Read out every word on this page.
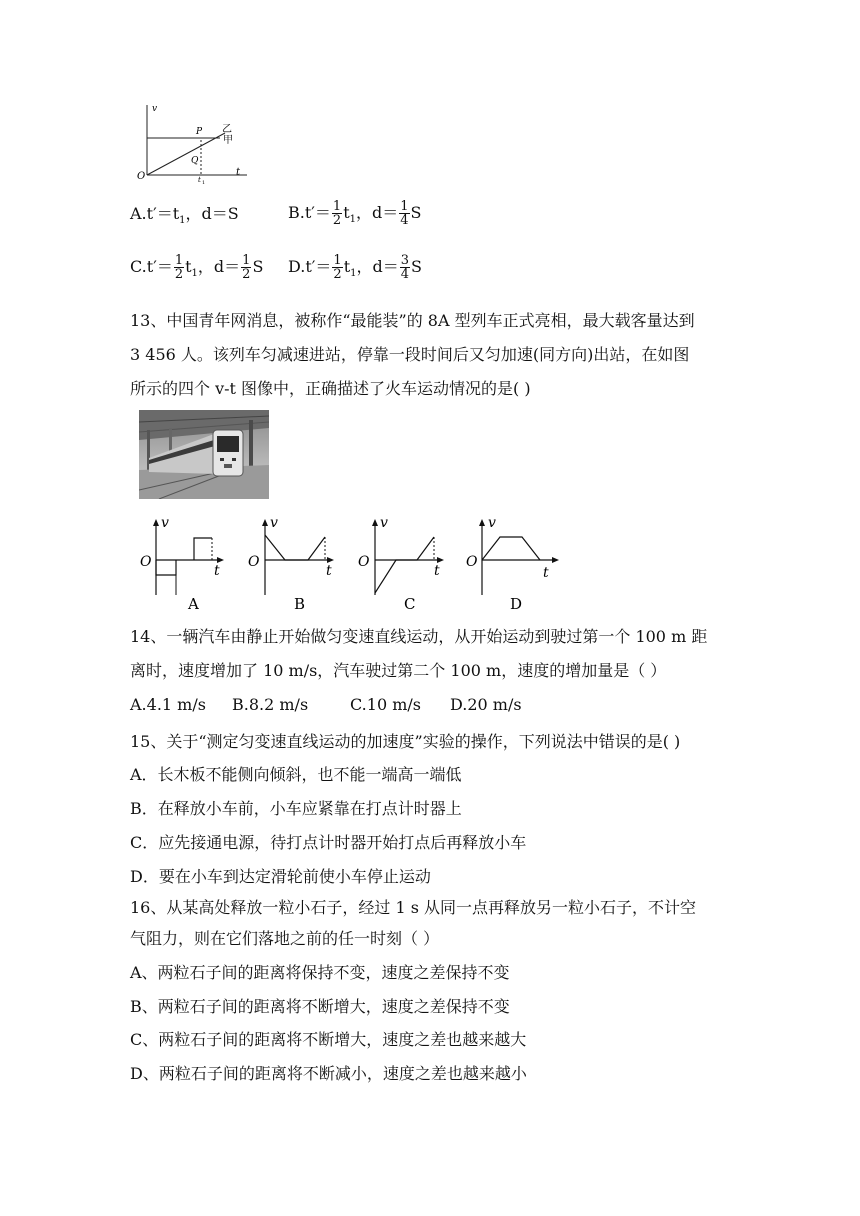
v
t
O
P
Q
t 1
乙
甲
$A.t'=t_1$，d＝S	$B.t'= \frac{1}{2} t_1$，$d= \frac{1}{4}$ S
$C.t'= \frac{1}{2} t_1$，$d= \frac{1}{2}$ S $D.t'= \frac{1}{2} t_1$，$d= \frac{3}{4}$ S
13、中国青年网消息，被称作“最能装”的 8A 型列车正式亮相，最大载客量达到
3 456 人。该列车匀减速进站，停靠一段时间后又匀加速(同方向)出站，在如图
所示的四个 v-t 图像中，正确描述了火车运动情况的是( )
v
t
O
A
v
t
O
B
v
t
O
C
v
t
O
D
14、一辆汽车由静止开始做匀变速直线运动，从开始运动到驶过第一个 100 m 距
离时，速度增加了 10 m/s，汽车驶过第二个 100 m，速度的增加量是（ ）
A.4.1 m/s B.8.2 m/s	C.10 m/s D.20 m/s
15、关于“测定匀变速直线运动的加速度”实验的操作，下列说法中错误的是( )
A．长木板不能侧向倾斜，也不能一端高一端低
B．在释放小车前，小车应紧靠在打点计时器上
C．应先接通电源，待打点计时器开始打点后再释放小车
D．要在小车到达定滑轮前使小车停止运动
16、从某高处释放一粒小石子，经过 1 s 从同一点再释放另一粒小石子，不计空
气阻力，则在它们落地之前的任一时刻（ ）
A、两粒石子间的距离将保持不变，速度之差保持不变
B、两粒石子间的距离将不断增大，速度之差保持不变
C、两粒石子间的距离将不断增大，速度之差也越来越大
D、两粒石子间的距离将不断减小，速度之差也越来越小
